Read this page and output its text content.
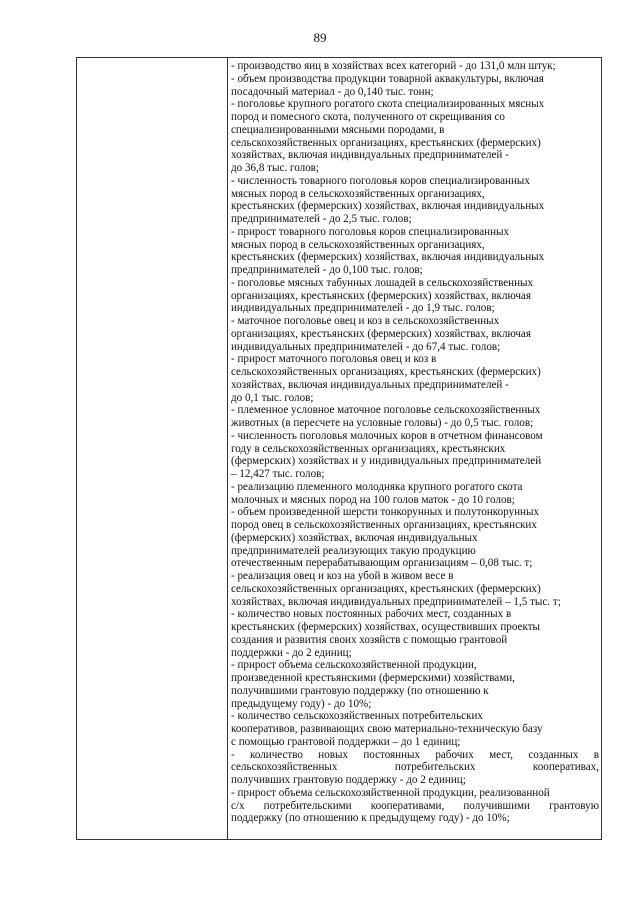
89
- производство яиц в хозяйствах всех категорий - до 131,0 млн штук;
- объем производства продукции товарной аквакультуры, включая
посадочный материал - до 0,140 тыс. тонн;
- поголовье крупного рогатого скота специализированных мясных
пород и помесного скота, полученного от скрещивания со
специализированными мясными породами, в
сельскохозяйственных организациях, крестьянских (фермерских)
хозяйствах, включая индивидуальных предпринимателей -
до 36,8 тыс. голов;
- численность товарного поголовья коров специализированных
мясных пород в сельскохозяйственных организациях,
крестьянских (фермерских) хозяйствах, включая индивидуальных
предпринимателей - до 2,5 тыс. голов;
- прирост товарного поголовья коров специализированных
мясных пород в сельскохозяйственных организациях,
крестьянских (фермерских) хозяйствах, включая индивидуальных
предпринимателей - до 0,100 тыс. голов;
- поголовье мясных табунных лошадей в сельскохозяйственных
организациях, крестьянских (фермерских) хозяйствах, включая
индивидуальных предпринимателей - до 1,9 тыс. голов;
- маточное поголовье овец и коз в сельскохозяйственных
организациях, крестьянских (фермерских) хозяйствах, включая
индивидуальных предпринимателей - до 67,4 тыс. голов;
- прирост маточного поголовья овец и коз в
сельскохозяйственных организациях, крестьянских (фермерских)
хозяйствах, включая индивидуальных предпринимателей -
до 0,1 тыс. голов;
- племенное условное маточное поголовье сельскохозяйственных
животных (в пересчете на условные головы) - до 0,5 тыс. голов;
- численность поголовья молочных коров в отчетном финансовом
году в сельскохозяйственных организациях, крестьянских
(фермерских) хозяйствах и у индивидуальных предпринимателей
– 12,427 тыс. голов;
- реализацию племенного молодняка крупного рогатого скота
молочных и мясных пород на 100 голов маток - до 10 голов;
- объем произведенной шерсти тонкорунных и полутонкорунных
пород овец в сельскохозяйственных организациях, крестьянских
(фермерских) хозяйствах, включая индивидуальных
предпринимателей реализующих такую продукцию
отечественным перерабатывающим организациям – 0,08 тыс. т;
- реализация овец и коз на убой в живом весе в
сельскохозяйственных организациях, крестьянских (фермерских)
хозяйствах, включая индивидуальных предпринимателей – 1,5 тыс. т;
- количество новых постоянных рабочих мест, созданных в
крестьянских (фермерских) хозяйствах, осуществивших проекты
создания и развития своих хозяйств с помощью грантовой
поддержки - до 2 единиц;
- прирост объема сельскохозяйственной продукции,
произведенной крестьянскими (фермерскими) хозяйствами,
получившими грантовую поддержку (по отношению к
предыдущему году) - до 10%;
- количество сельскохозяйственных потребительских
кооперативов, развивающих свою материально-техническую базу
с помощью грантовой поддержки – до 1 единиц;
- количество новых постоянных рабочих мест, созданных в
сельскохозяйственных потребительских кооперативах,
получивших грантовую поддержку - до 2 единиц;
- прирост объема сельскохозяйственной продукции, реализованной
с/х потребительскими кооперативами, получившими грантовую
поддержку (по отношению к предыдущему году) - до 10%;
